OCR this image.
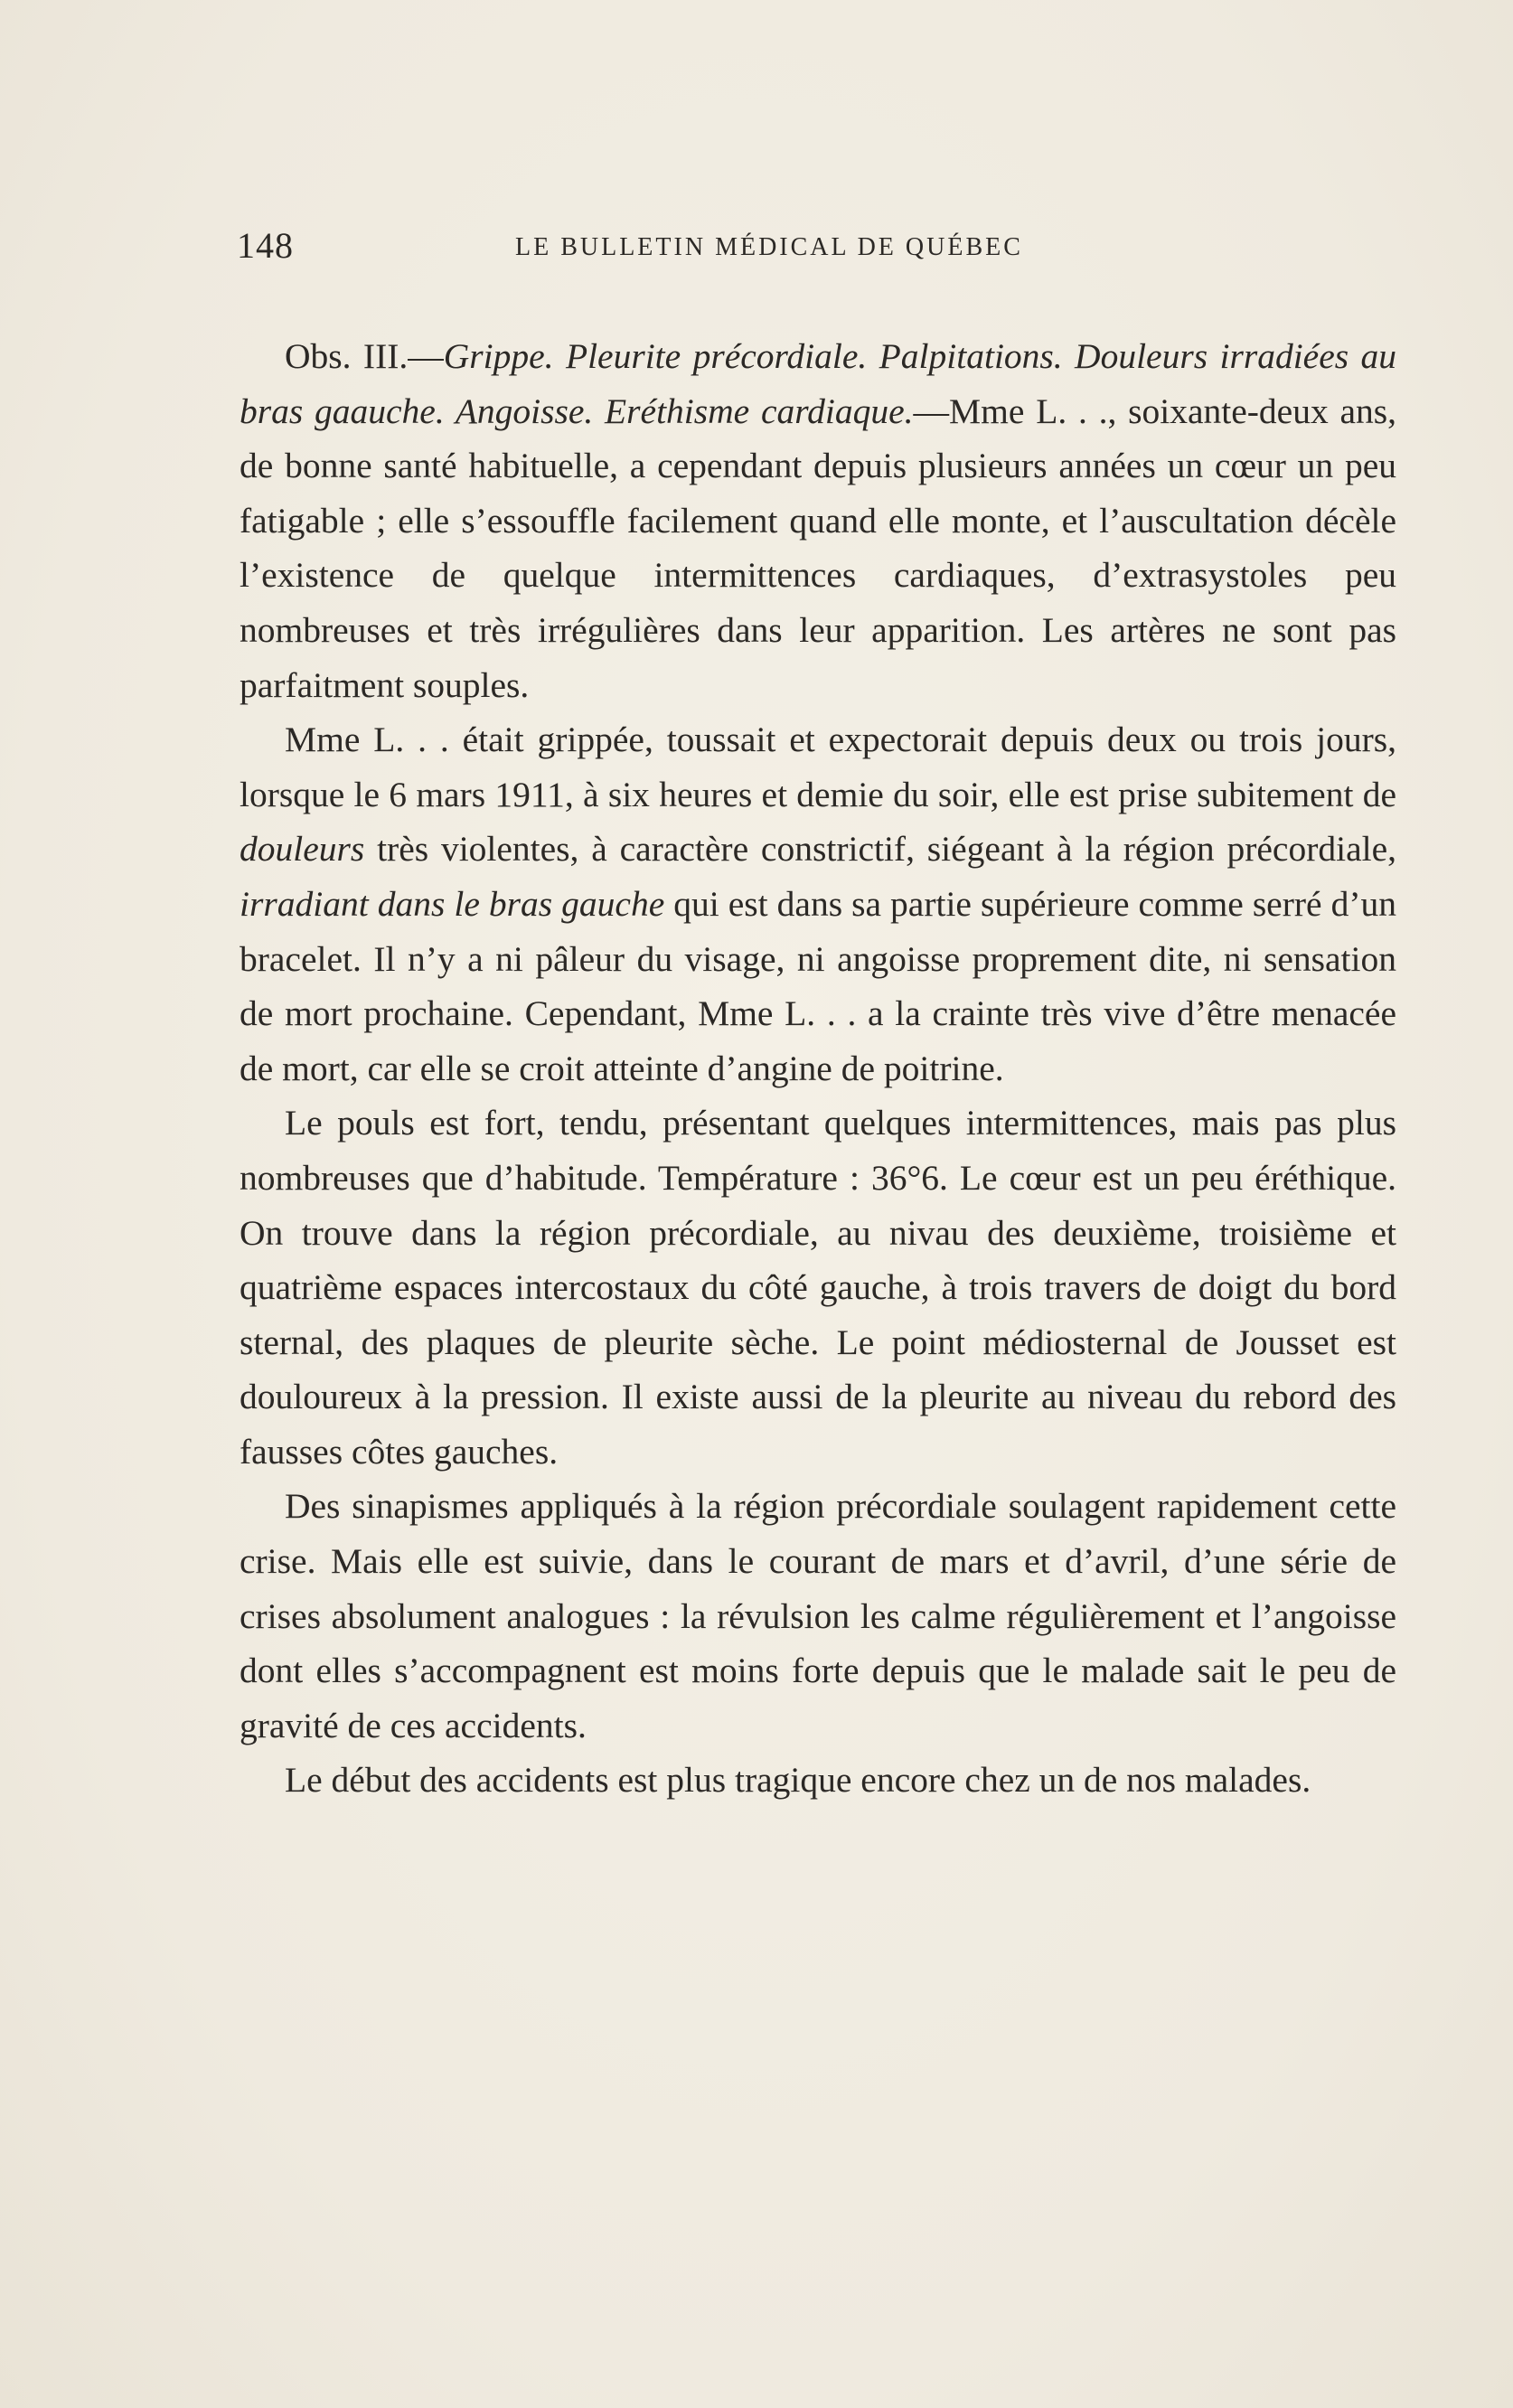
148	LE BULLETIN MÉDICAL DE QUÉBEC

Obs. III.—Grippe. Pleurite précordiale. Palpitations. Douleurs irradiées au bras gaauche. Angoisse. Eréthisme cardiaque.—Mme L. . ., soixante-deux ans, de bonne santé habituelle, a cependant depuis plusieurs années un cœur un peu fatigable ; elle s’essouffle facilement quand elle monte, et l’auscultation décèle l’existence de quelque intermittences cardiaques, d’extrasystoles peu nombreuses et très irrégulières dans leur apparition. Les artères ne sont pas parfaitment souples.

Mme L. . . était grippée, toussait et expectorait depuis deux ou trois jours, lorsque le 6 mars 1911, à six heures et demie du soir, elle est prise subitement de douleurs très violentes, à caractère constrictif, siégeant à la région précordiale, irradiant dans le bras gauche qui est dans sa partie supérieure comme serré d’un bracelet. Il n’y a ni pâleur du visage, ni angoisse proprement dite, ni sensation de mort prochaine. Cependant, Mme L. . . a la crainte très vive d’être menacée de mort, car elle se croit atteinte d’angine de poitrine.

Le pouls est fort, tendu, présentant quelques intermittences, mais pas plus nombreuses que d’habitude. Température : 36°6. Le cœur est un peu éréthique. On trouve dans la région précordiale, au nivau des deuxième, troisième et quatrième espaces intercostaux du côté gauche, à trois travers de doigt du bord sternal, des plaques de pleurite sèche. Le point médiosternal de Jousset est douloureux à la pression. Il existe aussi de la pleurite au niveau du rebord des fausses côtes gauches.

Des sinapismes appliqués à la région précordiale soulagent rapidement cette crise. Mais elle est suivie, dans le courant de mars et d’avril, d’une série de crises absolument analogues : la révulsion les calme régulièrement et l’angoisse dont elles s’accompagnent est moins forte depuis que le malade sait le peu de gravité de ces accidents.

Le début des accidents est plus tragique encore chez un de nos malades.
